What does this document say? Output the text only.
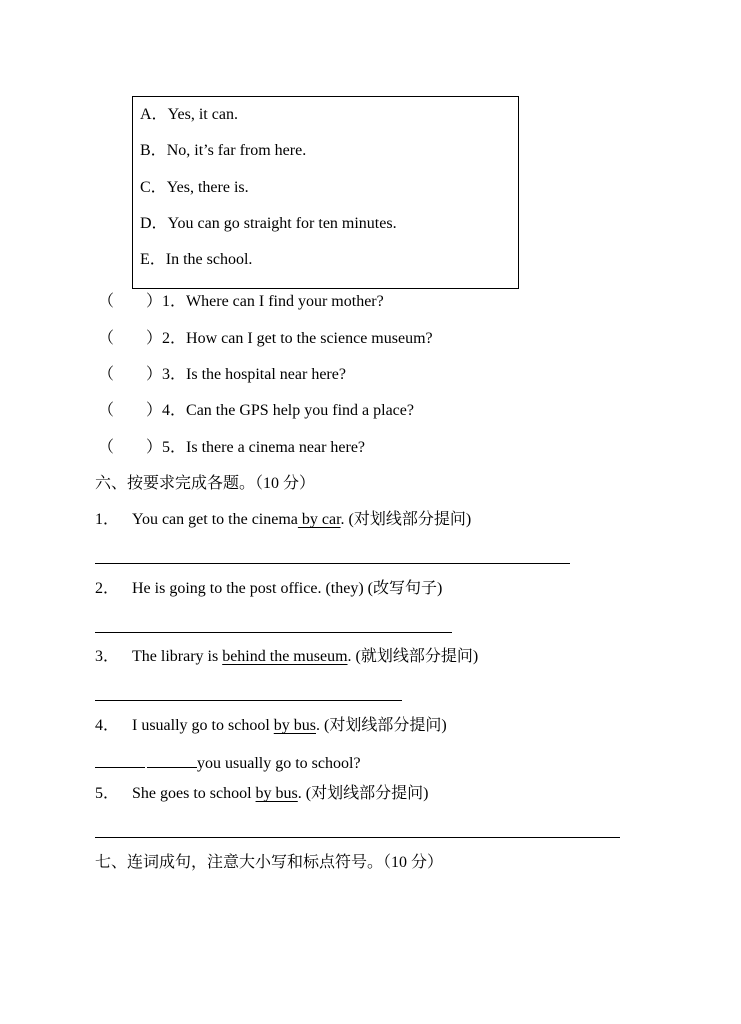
A．Yes, it can.
B．No, it’s far from here.
C．Yes, there is.
D．You can go straight for ten minutes.
E．In the school.
（　　）1．Where can I find your mother?
（　　）2．How can I get to the science museum?
（　　）3．Is the hospital near here?
（　　）4．Can the GPS help you find a place?
（　　）5．Is there a cinema near here?
六、按要求完成各题。（10 分）
1． You can get to the cinema by car. (对划线部分提问)
2． He is going to the post office. (they) (改写句子)
3． The library is behind the museum. (就划线部分提问)
4． I usually go to school by bus. (对划线部分提问)
you usually go to school?
5． She goes to school by bus. (对划线部分提问)
七、连词成句，注意大小写和标点符号。（10 分）
